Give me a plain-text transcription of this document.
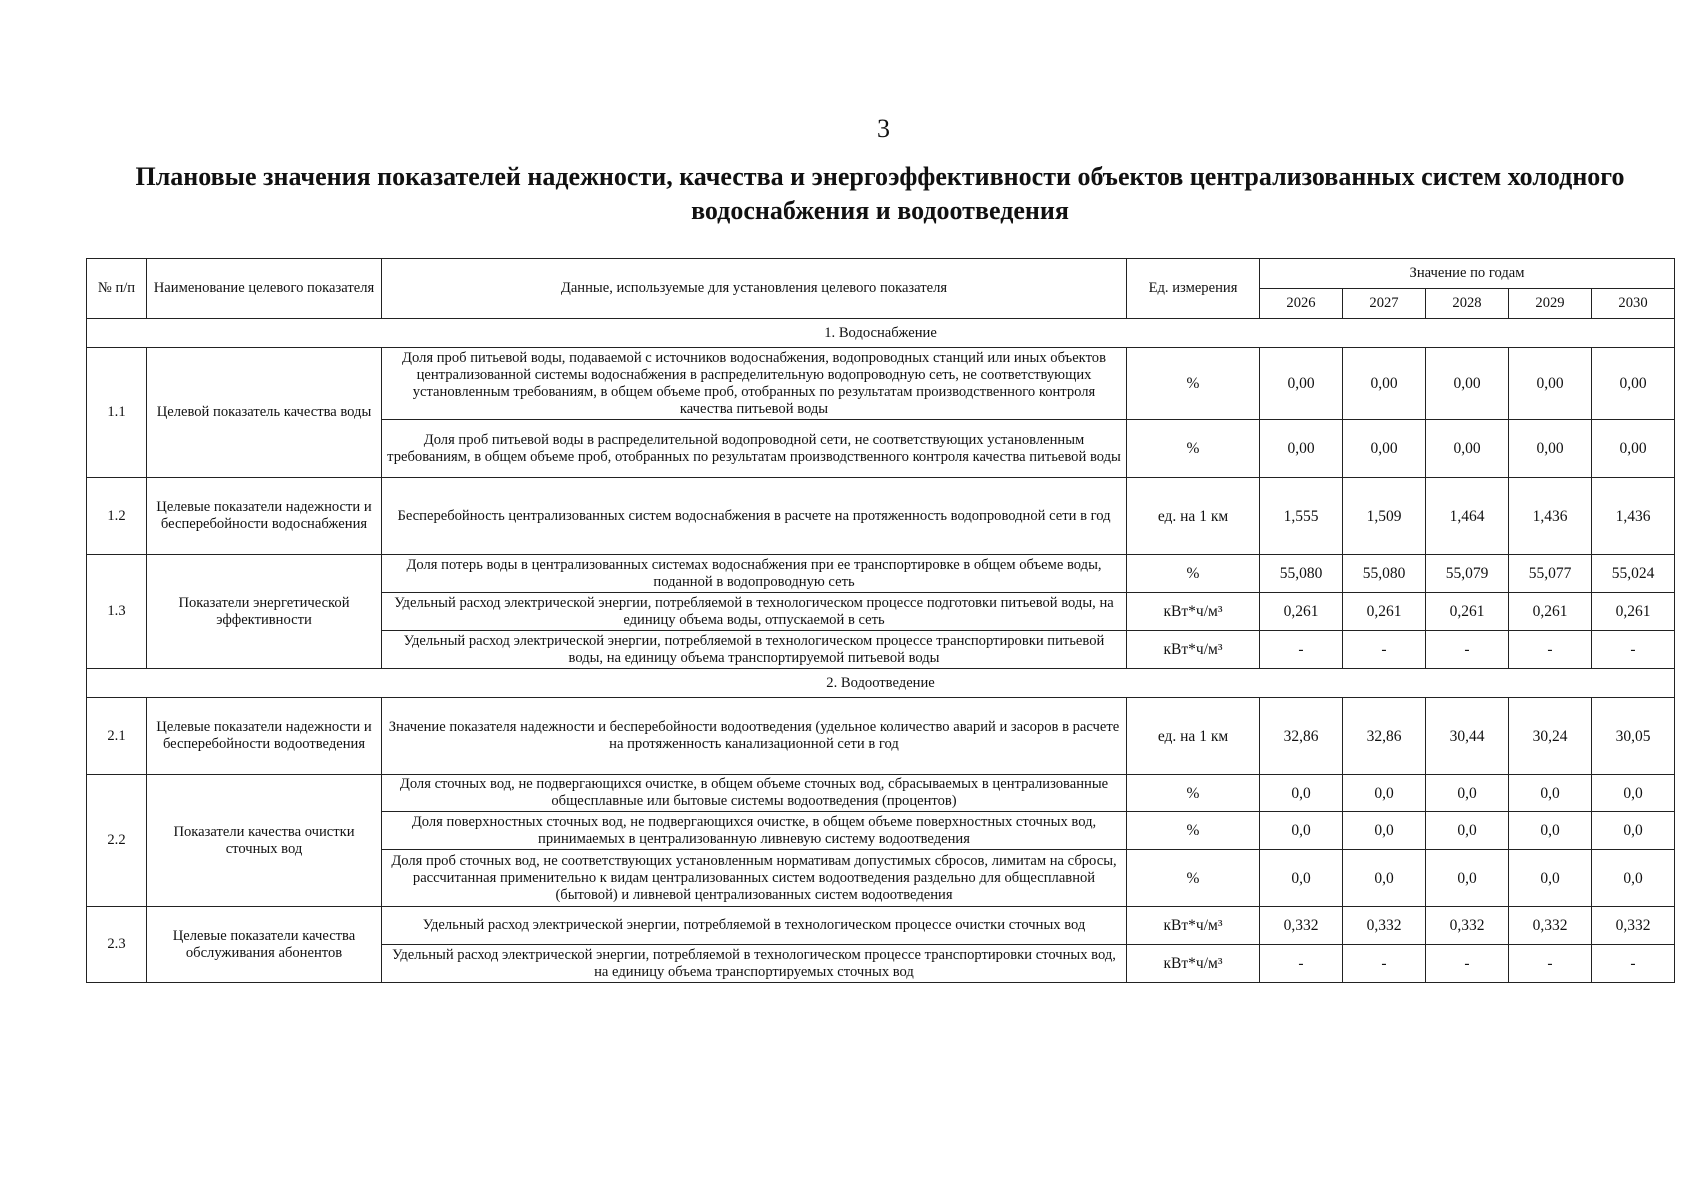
3
Плановые значения показателей надежности, качества и энергоэффективности объектов централизованных систем холодного водоснабжения и водоотведения
№ п/п	Наименование целевого показателя	Данные, используемые для установления целевого показателя	Ед. измерения	Значение по годам				
				2026	2027	2028	2029	2030
1. Водоснабжение								
1.1	Целевой показатель качества воды	Доля проб питьевой воды, подаваемой с источников водоснабжения, водопроводных станций или иных объектов централизованной системы водоснабжения в распределительную водопроводную сеть, не соответствующих установленным требованиям, в общем объеме проб, отобранных по результатам производственного контроля качества питьевой воды	%	0,00	0,00	0,00	0,00	0,00
		Доля проб питьевой воды в распределительной водопроводной сети, не соответствующих установленным требованиям, в общем объеме проб, отобранных по результатам производственного контроля качества питьевой воды	%	0,00	0,00	0,00	0,00	0,00
1.2	Целевые показатели надежности и бесперебойности водоснабжения	Бесперебойность централизованных систем водоснабжения в расчете на протяженность водопроводной сети в год	ед. на 1 км	1,555	1,509	1,464	1,436	1,436
1.3	Показатели энергетической эффективности	Доля потерь воды в централизованных системах водоснабжения при ее транспортировке в общем объеме воды, поданной в водопроводную сеть	%	55,080	55,080	55,079	55,077	55,024
		Удельный расход электрической энергии, потребляемой в технологическом процессе подготовки питьевой воды, на единицу объема воды, отпускаемой в сеть	кВт*ч/м³	0,261	0,261	0,261	0,261	0,261
		Удельный расход электрической энергии, потребляемой в технологическом процессе транспортировки питьевой воды, на единицу объема транспортируемой питьевой воды	кВт*ч/м³	-	-	-	-	-
2. Водоотведение								
2.1	Целевые показатели надежности и бесперебойности водоотведения	Значение показателя надежности и бесперебойности водоотведения (удельное количество аварий и засоров в расчете на протяженность канализационной сети в год	ед. на 1 км	32,86	32,86	30,44	30,24	30,05
2.2	Показатели качества очистки сточных вод	Доля сточных вод, не подвергающихся очистке, в общем объеме сточных вод, сбрасываемых в централизованные общесплавные или бытовые системы водоотведения (процентов)	%	0,0	0,0	0,0	0,0	0,0
		Доля поверхностных сточных вод, не подвергающихся очистке, в общем объеме поверхностных сточных вод, принимаемых в централизованную ливневую систему водоотведения	%	0,0	0,0	0,0	0,0	0,0
		Доля проб сточных вод, не соответствующих установленным нормативам допустимых сбросов, лимитам на сбросы, рассчитанная применительно к видам централизованных систем водоотведения раздельно для общесплавной (бытовой) и ливневой централизованных систем водоотведения	%	0,0	0,0	0,0	0,0	0,0
2.3	Целевые показатели качества обслуживания абонентов	Удельный расход электрической энергии, потребляемой в технологическом процессе очистки сточных вод	кВт*ч/м³	0,332	0,332	0,332	0,332	0,332
		Удельный расход электрической энергии, потребляемой в технологическом процессе транспортировки сточных вод, на единицу объема транспортируемых сточных вод	кВт*ч/м³	-	-	-	-	-
